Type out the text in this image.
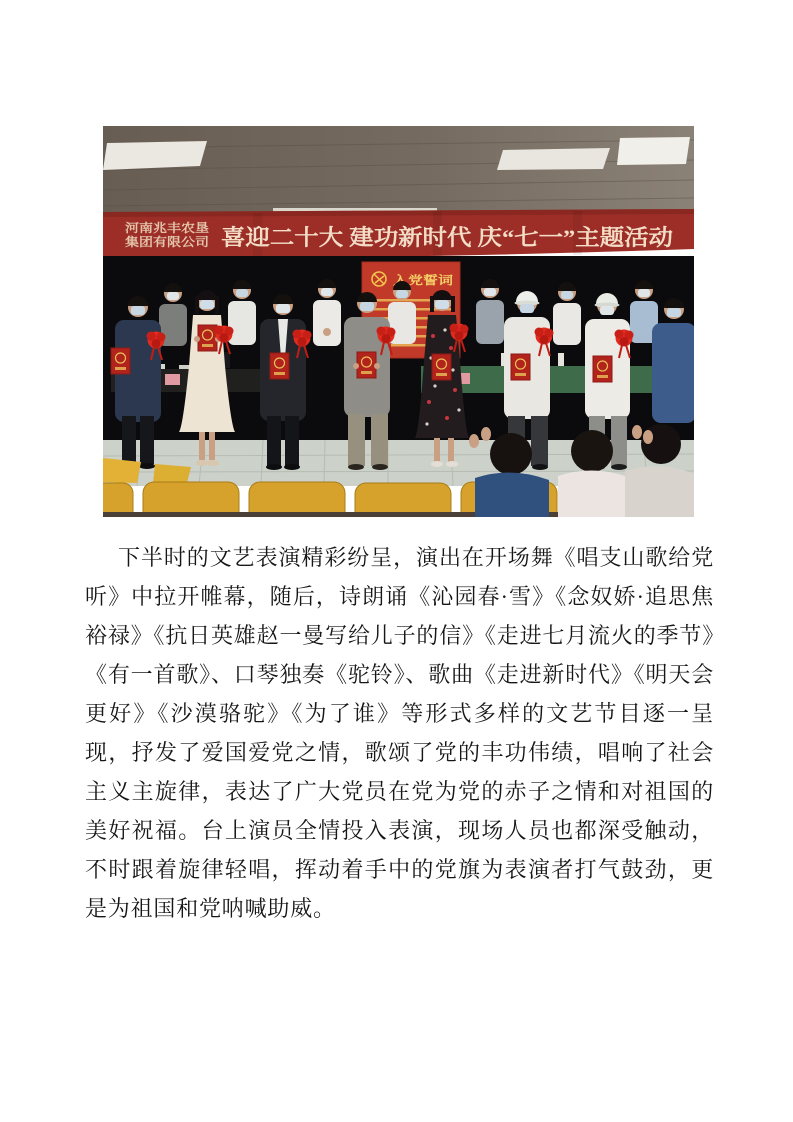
河南兆丰农垦
集团有限公司	喜迎二十大 建功新时代 庆“七一”主题活动
入党誓词

下半时的文艺表演精彩纷呈，演出在开场舞《唱支山歌给党听》中拉开帷幕，随后，诗朗诵《沁园春·雪》《念奴娇·追思焦裕禄》《抗日英雄赵一曼写给儿子的信》《走进七月流火的季节》《有一首歌》、口琴独奏《驼铃》、歌曲《走进新时代》《明天会更好》《沙漠骆驼》《为了谁》等形式多样的文艺节目逐一呈现，抒发了爱国爱党之情，歌颂了党的丰功伟绩，唱响了社会主义主旋律，表达了广大党员在党为党的赤子之情和对祖国的美好祝福。台上演员全情投入表演，现场人员也都深受触动，不时跟着旋律轻唱，挥动着手中的党旗为表演者打气鼓劲，更是为祖国和党呐喊助威。
